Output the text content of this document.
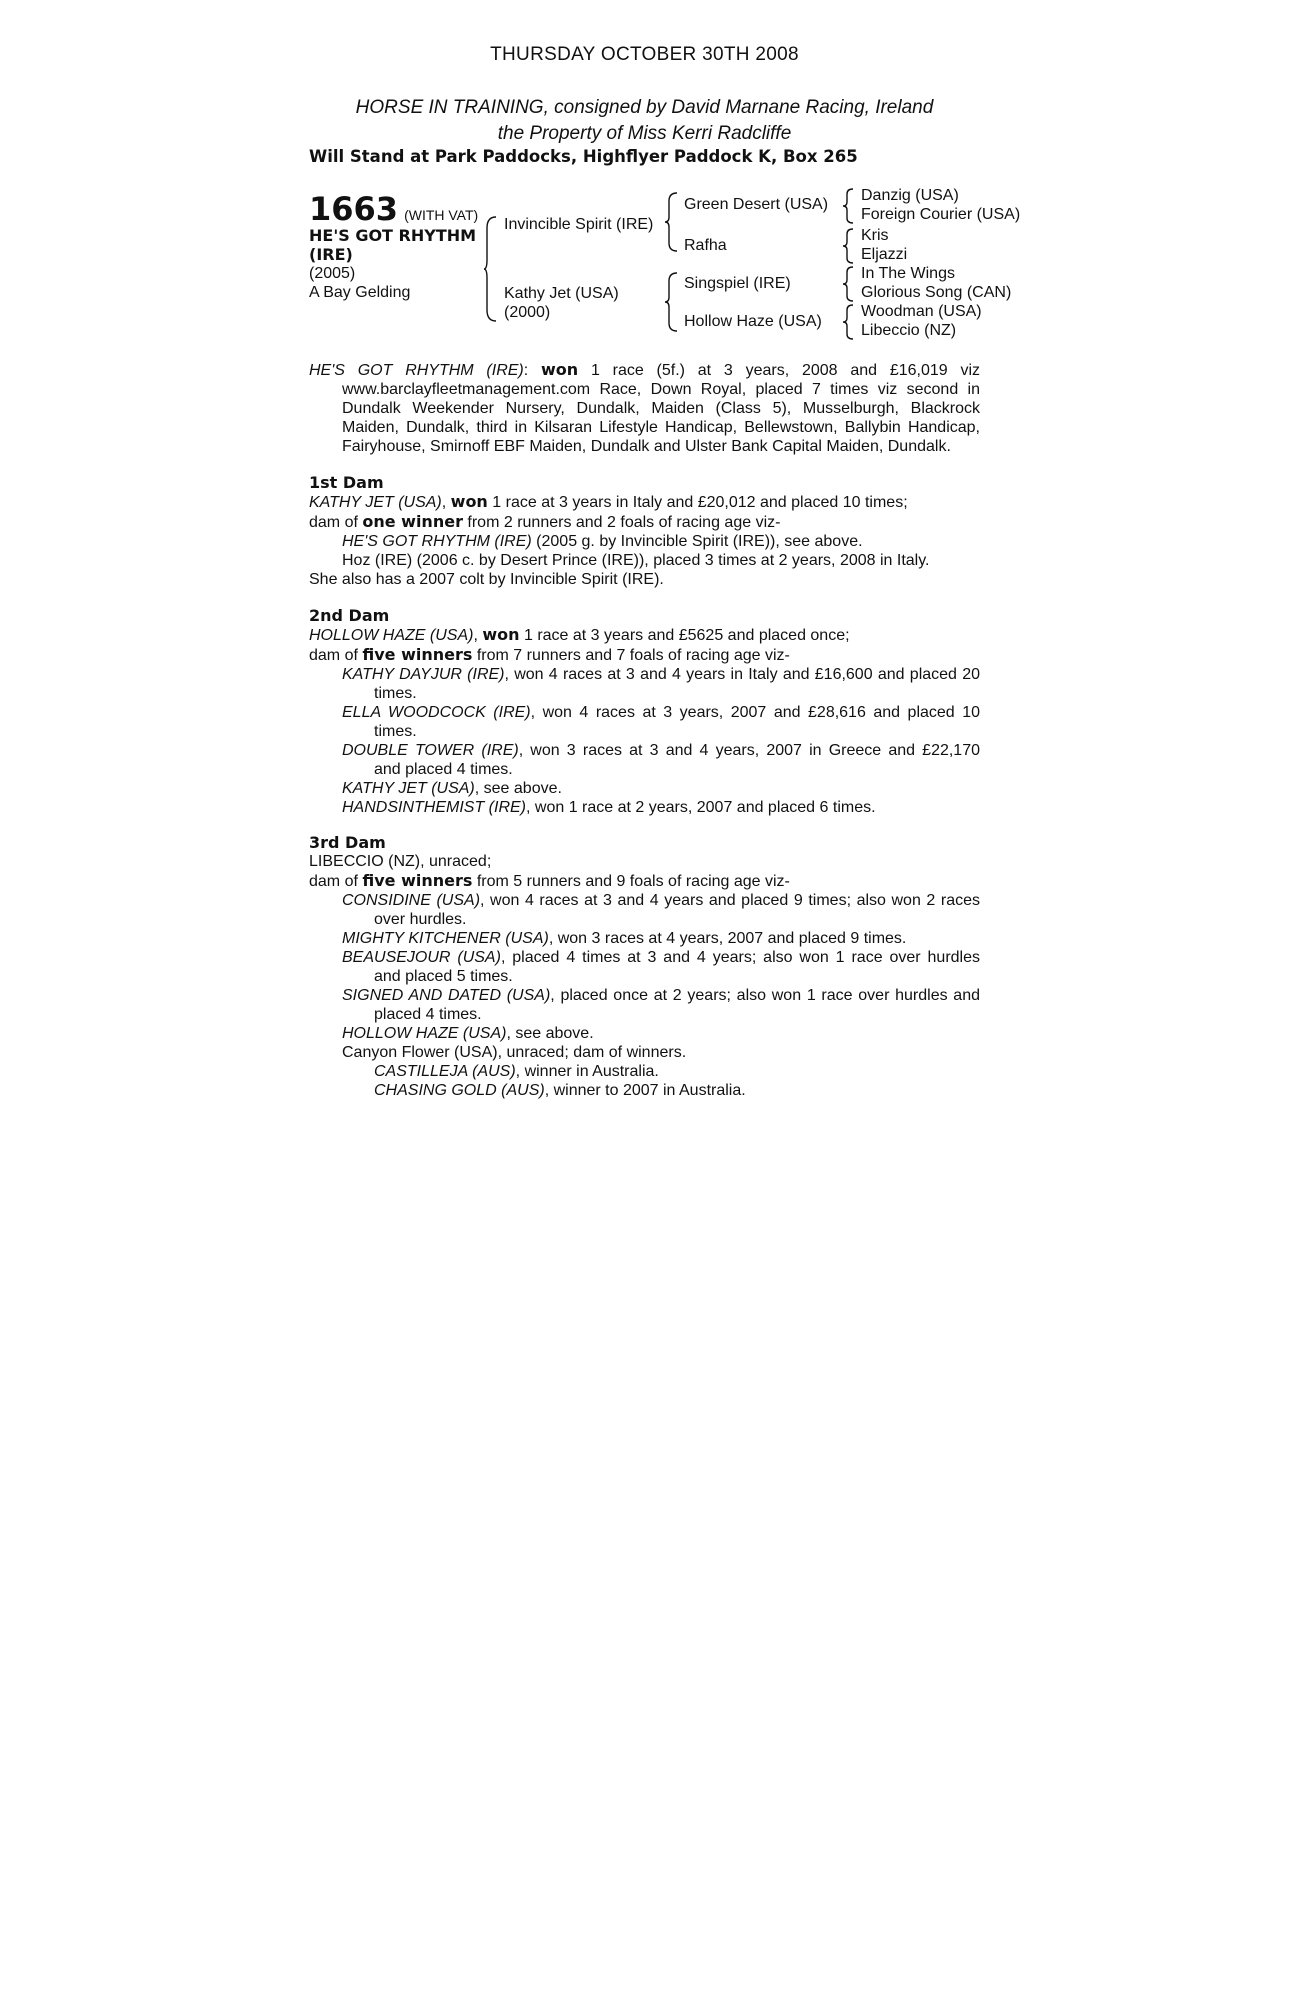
THURSDAY OCTOBER 30TH 2008
HORSE IN TRAINING, consigned by David Marnane Racing, Ireland
the Property of Miss Kerri Radcliffe
Will Stand at Park Paddocks, Highflyer Paddock K, Box 265
1663 (WITH VAT)
HE'S GOT RHYTHM (IRE)
(2005)
A Bay Gelding
Invincible Spirit (IRE)
Kathy Jet (USA)
(2000)
Green Desert (USA)
Rafha
Singspiel (IRE)
Hollow Haze (USA)
Danzig (USA)
Foreign Courier (USA)
Kris
Eljazzi
In The Wings
Glorious Song (CAN)
Woodman (USA)
Libeccio (NZ)

HE'S GOT RHYTHM (IRE): won 1 race (5f.) at 3 years, 2008 and £16,019 viz

www.barclayfleetmanagement.com Race, Down Royal, placed 7 times viz second in

Dundalk Weekender Nursery, Dundalk, Maiden (Class 5), Musselburgh, Blackrock

Maiden, Dundalk, third in Kilsaran Lifestyle Handicap, Bellewstown, Ballybin Handicap,

Fairyhouse, Smirnoff EBF Maiden, Dundalk and Ulster Bank Capital Maiden, Dundalk.

1st Dam

KATHY JET (USA), won 1 race at 3 years in Italy and £20,012 and placed 10 times;

dam of one winner from 2 runners and 2 foals of racing age viz-

HE'S GOT RHYTHM (IRE) (2005 g. by Invincible Spirit (IRE)), see above.

Hoz (IRE) (2006 c. by Desert Prince (IRE)), placed 3 times at 2 years, 2008 in Italy.

She also has a 2007 colt by Invincible Spirit (IRE).

2nd Dam

HOLLOW HAZE (USA), won 1 race at 3 years and £5625 and placed once;

dam of five winners from 7 runners and 7 foals of racing age viz-

KATHY DAYJUR (IRE), won 4 races at 3 and 4 years in Italy and £16,600 and placed 20

times.

ELLA WOODCOCK (IRE), won 4 races at 3 years, 2007 and £28,616 and placed 10

times.

DOUBLE TOWER (IRE), won 3 races at 3 and 4 years, 2007 in Greece and £22,170

and placed 4 times.

KATHY JET (USA), see above.

HANDSINTHEMIST (IRE), won 1 race at 2 years, 2007 and placed 6 times.

3rd Dam

LIBECCIO (NZ), unraced;

dam of five winners from 5 runners and 9 foals of racing age viz-

CONSIDINE (USA), won 4 races at 3 and 4 years and placed 9 times; also won 2 races

over hurdles.

MIGHTY KITCHENER (USA), won 3 races at 4 years, 2007 and placed 9 times.

BEAUSEJOUR (USA), placed 4 times at 3 and 4 years; also won 1 race over hurdles

and placed 5 times.

SIGNED AND DATED (USA), placed once at 2 years; also won 1 race over hurdles and

placed 4 times.

HOLLOW HAZE (USA), see above.

Canyon Flower (USA), unraced; dam of winners.

CASTILLEJA (AUS), winner in Australia.

CHASING GOLD (AUS), winner to 2007 in Australia.
